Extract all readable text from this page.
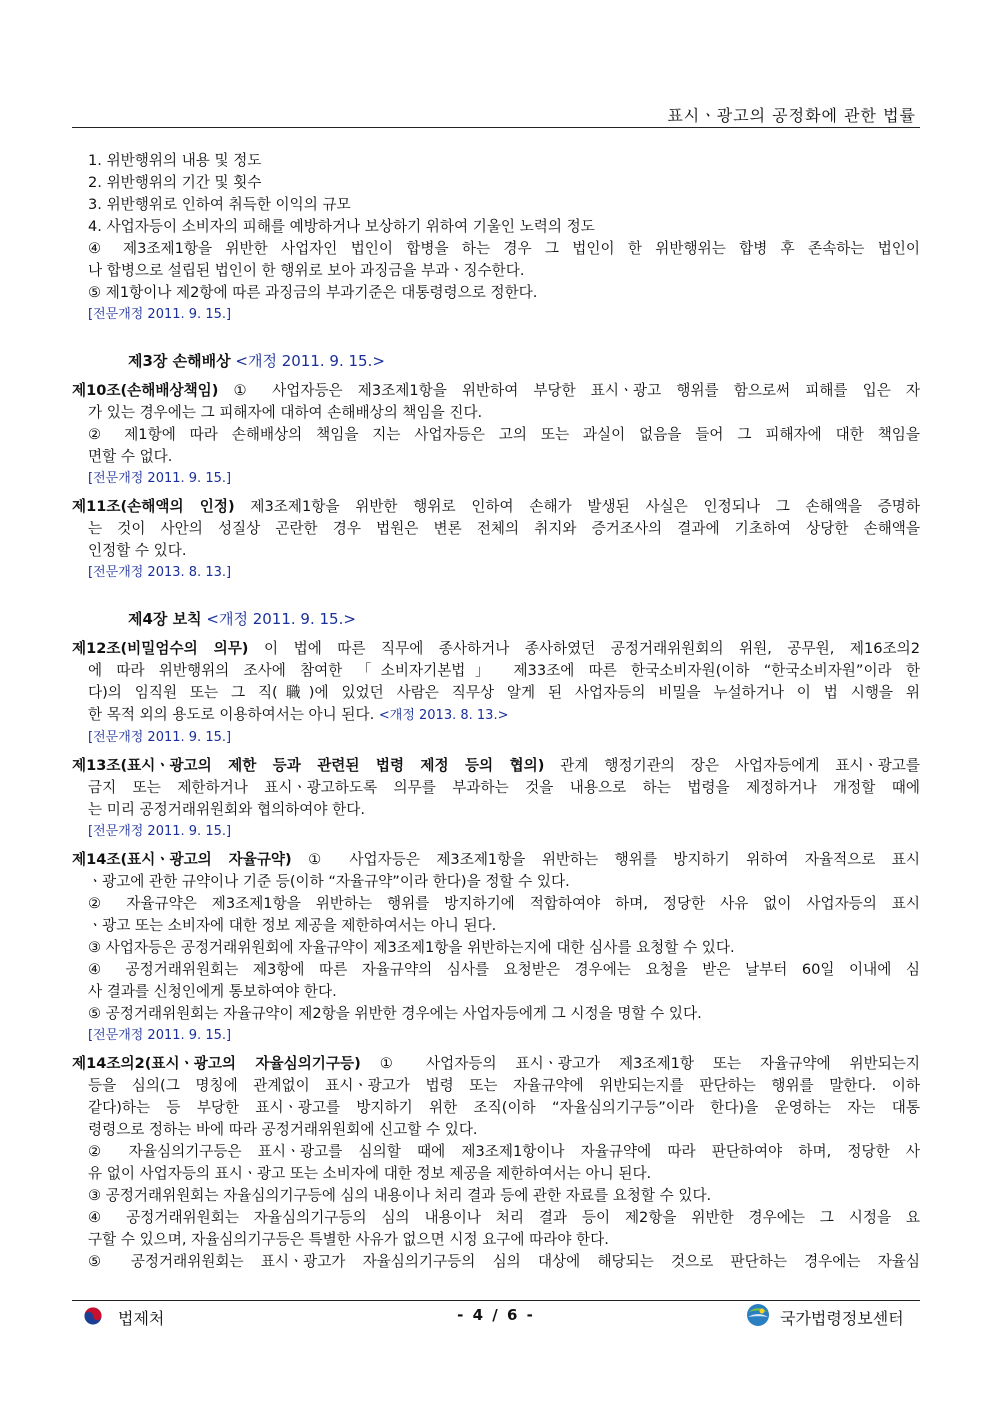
표시ㆍ광고의 공정화에 관한 법률
1. 위반행위의 내용 및 정도
2. 위반행위의 기간 및 횟수
3. 위반행위로 인하여 취득한 이익의 규모
4. 사업자등이 소비자의 피해를 예방하거나 보상하기 위하여 기울인 노력의 정도
④ 제3조제1항을 위반한 사업자인 법인이 합병을 하는 경우 그 법인이 한 위반행위는 합병 후 존속하는 법인이
나 합병으로 설립된 법인이 한 행위로 보아 과징금을 부과ㆍ징수한다.
⑤ 제1항이나 제2항에 따른 과징금의 부과기준은 대통령령으로 정한다.
[전문개정 2011. 9. 15.]
제3장 손해배상 <개정 2011. 9. 15.>
제10조(손해배상책임) ① 사업자등은 제3조제1항을 위반하여 부당한 표시ㆍ광고 행위를 함으로써 피해를 입은 자
가 있는 경우에는 그 피해자에 대하여 손해배상의 책임을 진다.
② 제1항에 따라 손해배상의 책임을 지는 사업자등은 고의 또는 과실이 없음을 들어 그 피해자에 대한 책임을
면할 수 없다.
[전문개정 2011. 9. 15.]
제11조(손해액의 인정) 제3조제1항을 위반한 행위로 인하여 손해가 발생된 사실은 인정되나 그 손해액을 증명하
는 것이 사안의 성질상 곤란한 경우 법원은 변론 전체의 취지와 증거조사의 결과에 기초하여 상당한 손해액을
인정할 수 있다.
[전문개정 2013. 8. 13.]
제4장 보칙 <개정 2011. 9. 15.>
제12조(비밀엄수의 의무) 이 법에 따른 직무에 종사하거나 종사하였던 공정거래위원회의 위원, 공무원, 제16조의2
에 따라 위반행위의 조사에 참여한 「소비자기본법」 제33조에 따른 한국소비자원(이하 “한국소비자원”이라 한
다)의 임직원 또는 그 직(職)에 있었던 사람은 직무상 알게 된 사업자등의 비밀을 누설하거나 이 법 시행을 위
한 목적 외의 용도로 이용하여서는 아니 된다. <개정 2013. 8. 13.>
[전문개정 2011. 9. 15.]
제13조(표시ㆍ광고의 제한 등과 관련된 법령 제정 등의 협의) 관계 행정기관의 장은 사업자등에게 표시ㆍ광고를
금지 또는 제한하거나 표시ㆍ광고하도록 의무를 부과하는 것을 내용으로 하는 법령을 제정하거나 개정할 때에
는 미리 공정거래위원회와 협의하여야 한다.
[전문개정 2011. 9. 15.]
제14조(표시ㆍ광고의 자율규약) ① 사업자등은 제3조제1항을 위반하는 행위를 방지하기 위하여 자율적으로 표시
ㆍ광고에 관한 규약이나 기준 등(이하 “자율규약”이라 한다)을 정할 수 있다.
② 자율규약은 제3조제1항을 위반하는 행위를 방지하기에 적합하여야 하며, 정당한 사유 없이 사업자등의 표시
ㆍ광고 또는 소비자에 대한 정보 제공을 제한하여서는 아니 된다.
③ 사업자등은 공정거래위원회에 자율규약이 제3조제1항을 위반하는지에 대한 심사를 요청할 수 있다.
④ 공정거래위원회는 제3항에 따른 자율규약의 심사를 요청받은 경우에는 요청을 받은 날부터 60일 이내에 심
사 결과를 신청인에게 통보하여야 한다.
⑤ 공정거래위원회는 자율규약이 제2항을 위반한 경우에는 사업자등에게 그 시정을 명할 수 있다.
[전문개정 2011. 9. 15.]
제14조의2(표시ㆍ광고의 자율심의기구등) ① 사업자등의 표시ㆍ광고가 제3조제1항 또는 자율규약에 위반되는지
등을 심의(그 명칭에 관계없이 표시ㆍ광고가 법령 또는 자율규약에 위반되는지를 판단하는 행위를 말한다. 이하
같다)하는 등 부당한 표시ㆍ광고를 방지하기 위한 조직(이하 “자율심의기구등”이라 한다)을 운영하는 자는 대통
령령으로 정하는 바에 따라 공정거래위원회에 신고할 수 있다.
② 자율심의기구등은 표시ㆍ광고를 심의할 때에 제3조제1항이나 자율규약에 따라 판단하여야 하며, 정당한 사
유 없이 사업자등의 표시ㆍ광고 또는 소비자에 대한 정보 제공을 제한하여서는 아니 된다.
③ 공정거래위원회는 자율심의기구등에 심의 내용이나 처리 결과 등에 관한 자료를 요청할 수 있다.
④ 공정거래위원회는 자율심의기구등의 심의 내용이나 처리 결과 등이 제2항을 위반한 경우에는 그 시정을 요
구할 수 있으며, 자율심의기구등은 특별한 사유가 없으면 시정 요구에 따라야 한다.
⑤ 공정거래위원회는 표시ㆍ광고가 자율심의기구등의 심의 대상에 해당되는 것으로 판단하는 경우에는 자율심
법제처	- 4 / 6 -	국가법령정보센터
